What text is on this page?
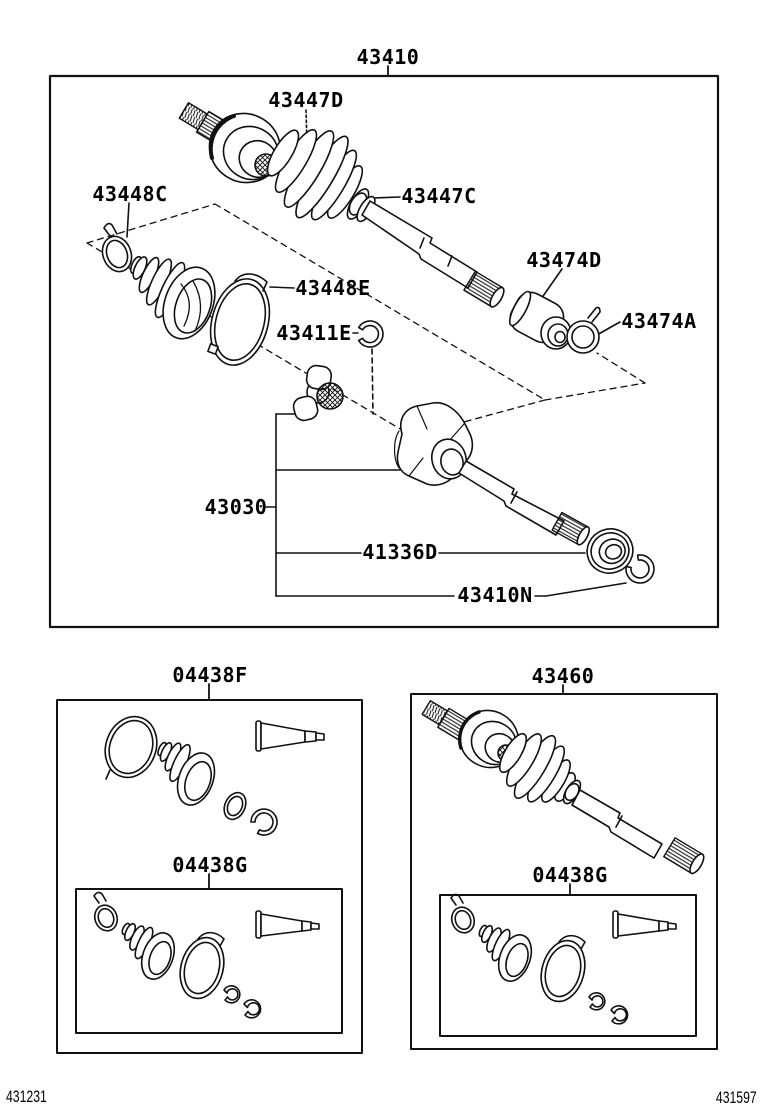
43410
43447D
43448C	43447C
43474D
43448E
43411E	43474A
43030
41336D
43410N
04438F
04438G
43460
04438G
431231	431597
